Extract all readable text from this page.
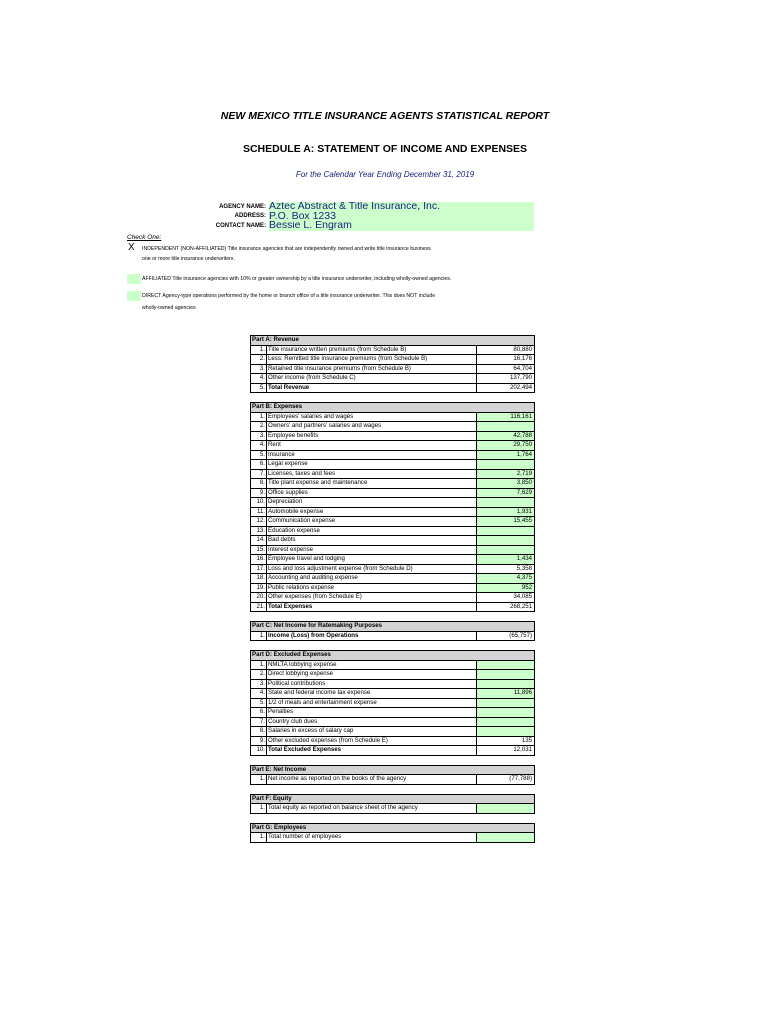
NEW MEXICO TITLE INSURANCE AGENTS STATISTICAL REPORT
SCHEDULE A: STATEMENT OF INCOME AND EXPENSES
For the Calendar Year Ending December 31, 2019
AGENCY NAME: Aztec Abstract & Title Insurance, Inc.
ADDRESS: P.O. Box 1233
CONTACT NAME: Bessie L. Engram
Check One:
X INDEPENDENT (NON-AFFILIATED) Title insurance agencies that are independently owned and write title insurance business
one or more title insurance underwriters.
AFFILIATED Title insurance agencies with 10% or greater ownership by a title insurance underwriter, including wholly-owned agencies.
DIRECT Agency-type operations performed by the home or branch office of a title insurance underwriter. This does NOT include
wholly-owned agencies.
Part A: Revenue
1. Title insurance written premiums (from Schedule B)	80,880
2. Less: Remitted title insurance premiums (from Schedule B)	16,176
3. Retained title insurance premiums (from Schedule B)	64,704
4. Other income (from Schedule C)	137,790
5. Total Revenue	202,494
Part B: Expenses
1. Employees' salaries and wages	116,161
2. Owners' and partners' salaries and wages
3. Employee benefits	42,788
4. Rent	29,750
5. Insurance	1,764
6. Legal expense
7. Licenses, taxes and fees	2,719
8. Title plant expense and maintenance	3,850
9. Office supplies	7,629
10. Depreciation
11. Automobile expense	1,931
12. Communication expense	15,455
13. Education expense
14. Bad debts
15. Interest expense
16. Employee travel and lodging	1,434
17. Loss and loss adjustment expense (from Schedule D)	5,358
18. Accounting and auditing expense	4,375
19. Public relations expense	952
20. Other expenses (from Schedule E)	34,085
21. Total Expenses	268,251
Part C: Net Income for Ratemaking Purposes
1. Income (Loss) from Operations	(65,757)
Part D: Excluded Expenses
1. NMLTA lobbying expense
2. Direct lobbying expense
3. Political contributions
4. State and federal income tax expense	11,896
5. 1/2 of meals and entertainment expense
6. Penalties
7. Country club dues
8. Salaries in excess of salary cap
9. Other excluded expenses (from Schedule E)	135
10. Total Excluded Expenses	12,031
Part E: Net Income
1. Net income as reported on the books of the agency	(77,788)
Part F: Equity
1. Total equity as reported on balance sheet of the agency
Part G: Employees
1. Total number of employees
